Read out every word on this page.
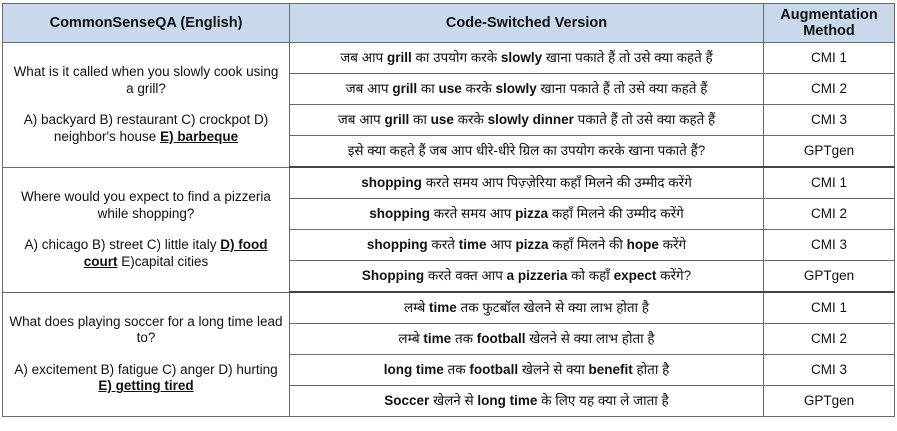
CommonSenseQA (English)	Code-Switched Version	Augmentation Method

What is it called when you slowly cook using a grill?
A) backyard B) restaurant C) crockpot D) neighbor's house E) barbeque	जब आप grill का उपयोग करके slowly खाना पकाते हैं तो उसे क्या कहते हैं	CMI 1
	जब आप grill का use करके slowly खाना पकाते हैं तो उसे क्या कहते हैं	CMI 2
	जब आप grill का use करके slowly dinner पकाते हैं तो उसे क्या कहते हैं	CMI 3
	इसे क्या कहते हैं जब आप धीरे-धीरे ग्रिल का उपयोग करके खाना पकाते हैं?	GPTgen

Where would you expect to find a pizzeria while shopping?
A) chicago B) street C) little italy D) food court E)capital cities	shopping करते समय आप पिज़्ज़ेरिया कहाँ मिलने की उम्मीद करेंगे	CMI 1
	shopping करते समय आप pizza कहाँ मिलने की उम्मीद करेंगे	CMI 2
	shopping करते time आप pizza कहाँ मिलने की hope करेंगे	CMI 3
	Shopping करते वक्त आप a pizzeria को कहाँ expect करेंगे?	GPTgen

What does playing soccer for a long time lead to?
A) excitement B) fatigue C) anger D) hurting E) getting tired	लम्बे time तक फुटबॉल खेलने से क्या लाभ होता है	CMI 1
	लम्बे time तक football खेलने से क्या लाभ होता है	CMI 2
	long time तक football खेलने से क्या benefit होता है	CMI 3
	Soccer खेलने से long time के लिए यह क्या ले जाता है	GPTgen
